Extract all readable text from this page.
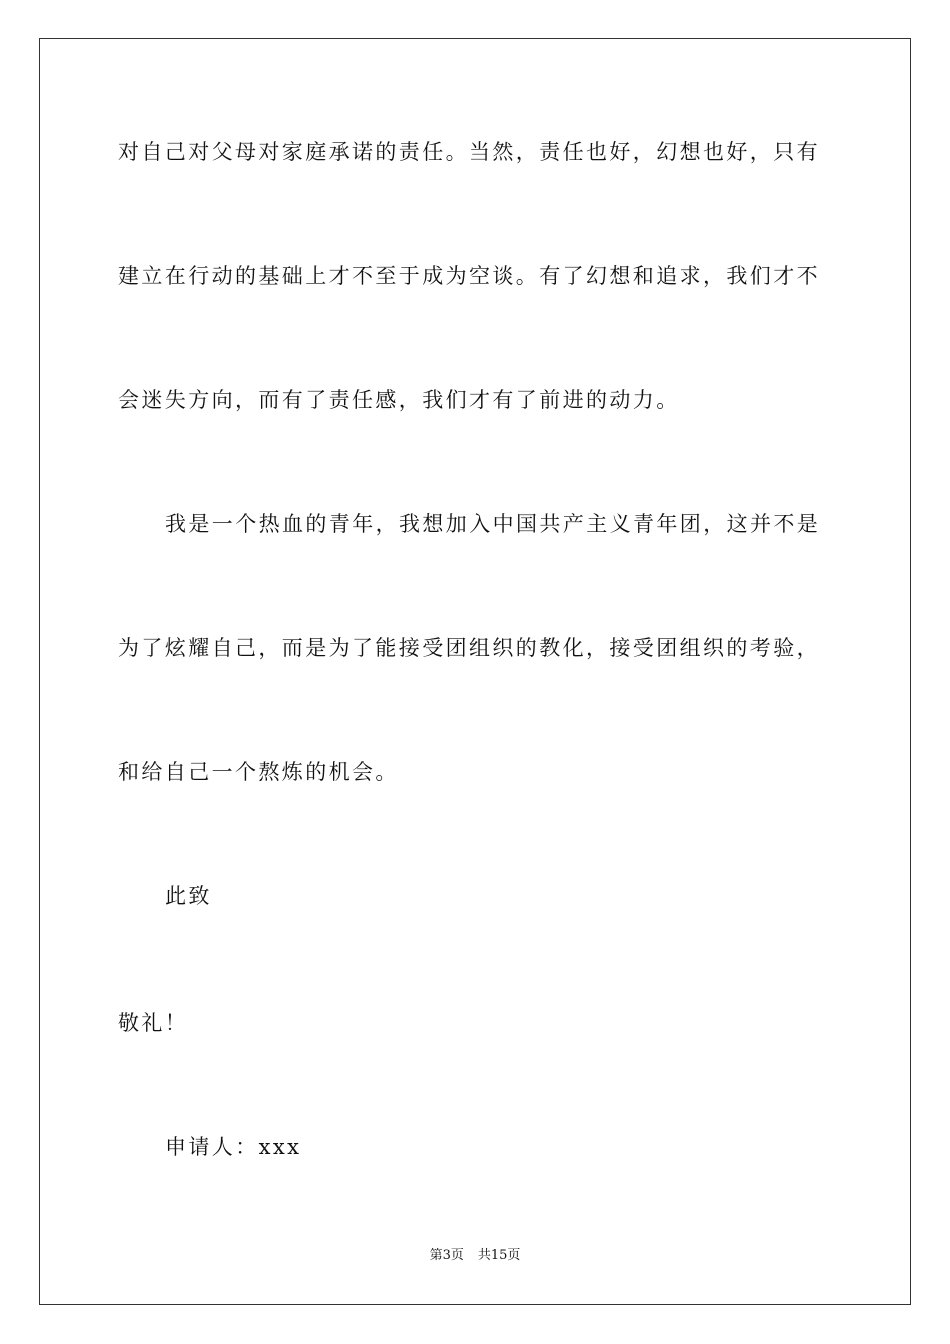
对自己对父母对家庭承诺的责任。当然，责任也好，幻想也好，只有
建立在行动的基础上才不至于成为空谈。有了幻想和追求，我们才不
会迷失方向，而有了责任感，我们才有了前进的动力。
我是一个热血的青年，我想加入中国共产主义青年团，这并不是
为了炫耀自己，而是为了能接受团组织的教化，接受团组织的考验，
和给自己一个熬炼的机会。
此致
敬礼！
申请人：xxx
第3页 共15页
